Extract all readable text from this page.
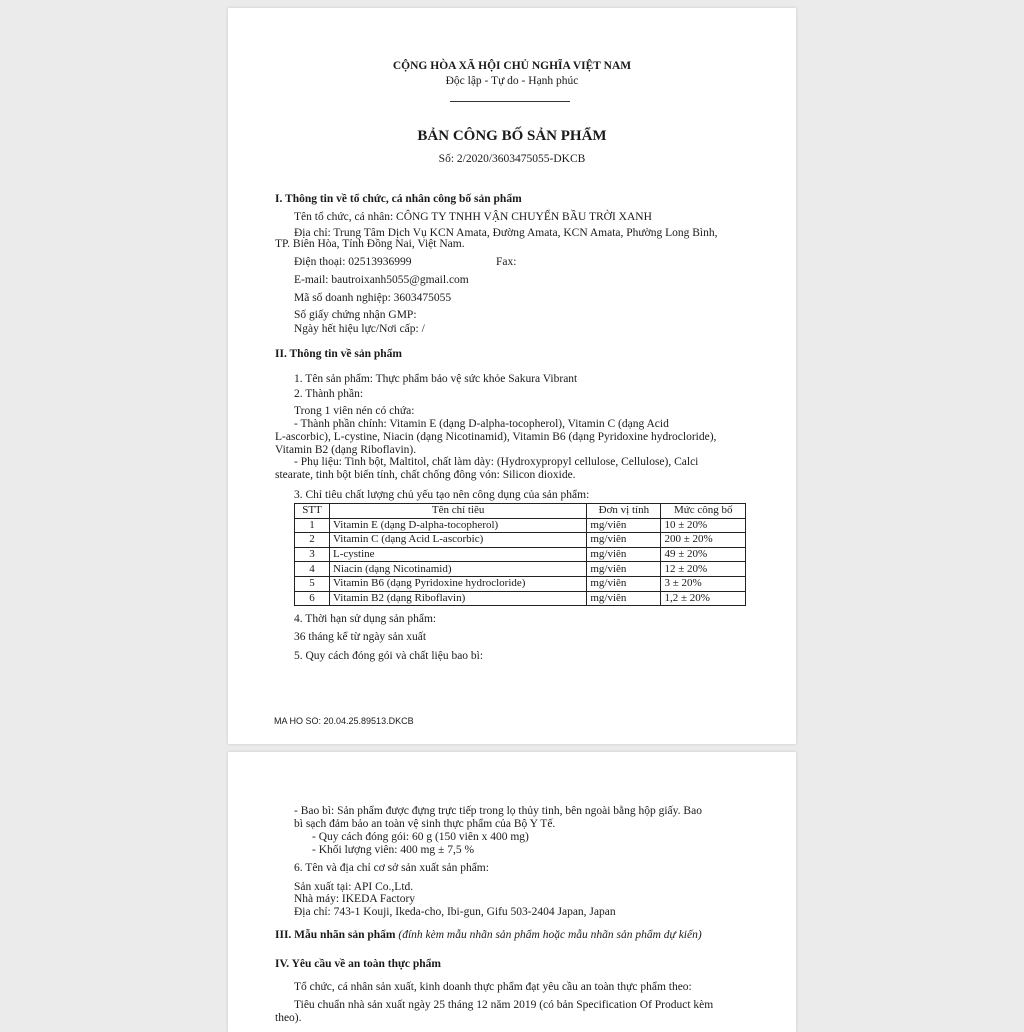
CỘNG HÒA XÃ HỘI CHỦ NGHĨA VIỆT NAM
Độc lập - Tự do - Hạnh phúc
BẢN CÔNG BỐ SẢN PHẨM
Số: 2/2020/3603475055-DKCB
I. Thông tin về tổ chức, cá nhân công bố sản phẩm
Tên tổ chức, cá nhân: CÔNG TY TNHH VẬN CHUYỂN BẦU TRỜI XANH
Địa chỉ: Trung Tâm Dịch Vụ KCN Amata, Đường Amata, KCN Amata, Phường Long Bình,
TP. Biên Hòa, Tỉnh Đồng Nai, Việt Nam.
Điện thoại: 02513936999	Fax:
E-mail: bautroixanh5055@gmail.com
Mã số doanh nghiệp: 3603475055
Số giấy chứng nhận GMP:
Ngày hết hiệu lực/Nơi cấp: /
II. Thông tin về sản phẩm
1. Tên sản phẩm: Thực phẩm bảo vệ sức khỏe Sakura Vibrant
2. Thành phần:
Trong 1 viên nén có chứa:
- Thành phần chính: Vitamin E (dạng D-alpha-tocopherol), Vitamin C (dạng Acid
L-ascorbic), L-cystine, Niacin (dạng Nicotinamid), Vitamin B6 (dạng Pyridoxine hydrocloride),
Vitamin B2 (dạng Riboflavin).
- Phụ liệu: Tinh bột, Maltitol, chất làm dày: (Hydroxypropyl cellulose, Cellulose), Calci
stearate, tinh bột biến tính, chất chống đông vón: Silicon dioxide.
3. Chỉ tiêu chất lượng chủ yếu tạo nên công dụng của sản phẩm:
STT	Tên chỉ tiêu	Đơn vị tính	Mức công bố
1	Vitamin E (dạng D-alpha-tocopherol)	mg/viên	10 ± 20%
2	Vitamin C (dạng Acid L-ascorbic)	mg/viên	200 ± 20%
3	L-cystine	mg/viên	49 ± 20%
4	Niacin (dạng Nicotinamid)	mg/viên	12 ± 20%
5	Vitamin B6 (dạng Pyridoxine hydrocloride)	mg/viên	3 ± 20%
6	Vitamin B2 (dạng Riboflavin)	mg/viên	1,2 ± 20%
4. Thời hạn sử dụng sản phẩm:
36 tháng kể từ ngày sản xuất
5. Quy cách đóng gói và chất liệu bao bì:
MA HO SO: 20.04.25.89513.DKCB
- Bao bì: Sản phẩm được đựng trực tiếp trong lọ thủy tinh, bên ngoài bằng hộp giấy. Bao
bì sạch đảm bảo an toàn vệ sinh thực phẩm của Bộ Y Tế.
- Quy cách đóng gói: 60 g (150 viên x 400 mg)
- Khối lượng viên: 400 mg ± 7,5 %
6. Tên và địa chỉ cơ sở sản xuất sản phẩm:
Sản xuất tại: API Co.,Ltd.
Nhà máy: IKEDA Factory
Địa chỉ: 743-1 Kouji, Ikeda-cho, Ibi-gun, Gifu 503-2404 Japan, Japan
III. Mẫu nhãn sản phẩm (đính kèm mẫu nhãn sản phẩm hoặc mẫu nhãn sản phẩm dự kiến)
IV. Yêu cầu về an toàn thực phẩm
Tổ chức, cá nhân sản xuất, kinh doanh thực phẩm đạt yêu cầu an toàn thực phẩm theo:
Tiêu chuẩn nhà sản xuất ngày 25 tháng 12 năm 2019 (có bản Specification Of Product kèm
theo).
